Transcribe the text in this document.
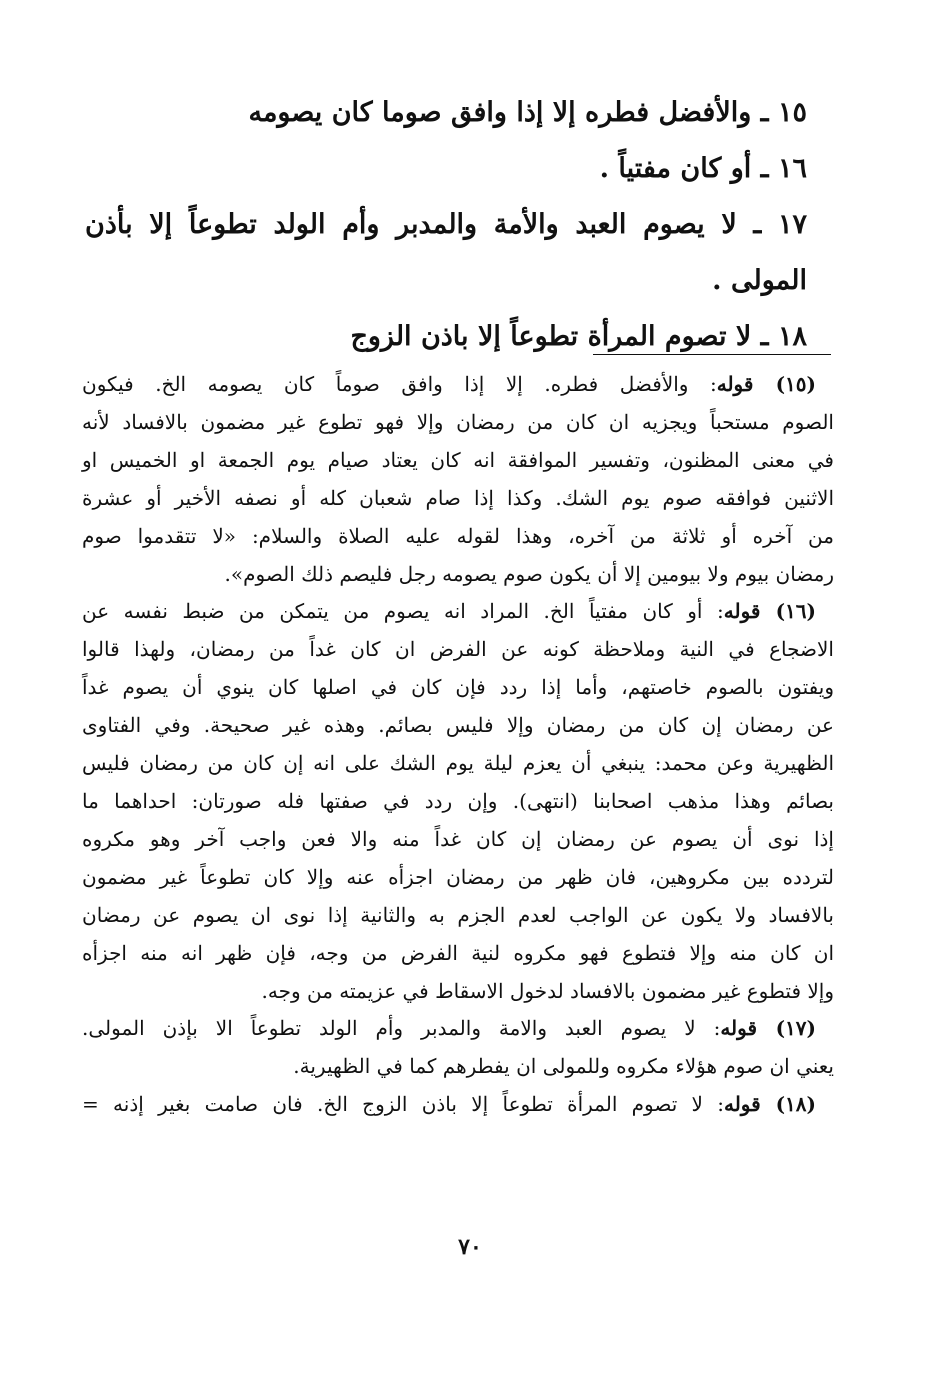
١٥ ـ والأفضل فطره إلا إذا وافق صوما كان يصومه
١٦ ـ أو كان مفتياً .
١٧ ـ لا يصوم العبد والأمة والمدبر وأم الولد تطوعاً إلا بأذن
المولى .
١٨ ـ لا تصوم المرأة تطوعاً إلا باذن الزوج
(١٥) قوله: والأفضل فطره. إلا إذا وافق صوماً كان يصومه الخ. فيكون
الصوم مستحباً ويجزيه ان كان من رمضان وإلا فهو تطوع غير مضمون بالافساد لأنه
في معنى المظنون، وتفسير الموافقة انه كان يعتاد صيام يوم الجمعة او الخميس او
الاثنين فوافقه صوم يوم الشك. وكذا إذا صام شعبان كله أو نصفه الأخير أو عشرة
من آخره أو ثلاثة من آخره، وهذا لقوله عليه الصلاة والسلام: «لا تتقدموا صوم
رمضان بيوم ولا بيومين إلا أن يكون صوم يصومه رجل فليصم ذلك الصوم».
(١٦) قوله: أو كان مفتياً الخ. المراد انه يصوم من يتمكن من ضبط نفسه عن
الاضجاع في النية وملاحظة كونه عن الفرض ان كان غداً من رمضان، ولهذا قالوا
ويفتون بالصوم خاصتهم، وأما إذا ردد فإن كان في اصلها كان ينوي أن يصوم غداً
عن رمضان إن كان من رمضان وإلا فليس بصائم. وهذه غير صحيحة. وفي الفتاوى
الظهيرية وعن محمد: ينبغي أن يعزم ليلة يوم الشك على انه إن كان من رمضان فليس
بصائم وهذا مذهب اصحابنا (انتهى). وإن ردد في صفتها فله صورتان: احداهما ما
إذا نوى أن يصوم عن رمضان إن كان غداً منه والا فعن واجب آخر وهو مكروه
لتردده بين مكروهين، فان ظهر من رمضان اجزأه عنه وإلا كان تطوعاً غير مضمون
بالافساد ولا يكون عن الواجب لعدم الجزم به والثانية إذا نوى ان يصوم عن رمضان
ان كان منه وإلا فتطوع فهو مكروه لنية الفرض من وجه، فإن ظهر انه منه اجزأه
وإلا فتطوع غير مضمون بالافساد لدخول الاسقاط في عزيمته من وجه.
(١٧) قوله: لا يصوم العبد والامة والمدبر وأم الولد تطوعاً الا بإذن المولى.
يعني ان صوم هؤلاء مكروه وللمولى ان يفطرهم كما في الظهيرية.
(١٨) قوله: لا تصوم المرأة تطوعاً إلا باذن الزوج الخ. فان صامت بغير إذنه =
٧٠
